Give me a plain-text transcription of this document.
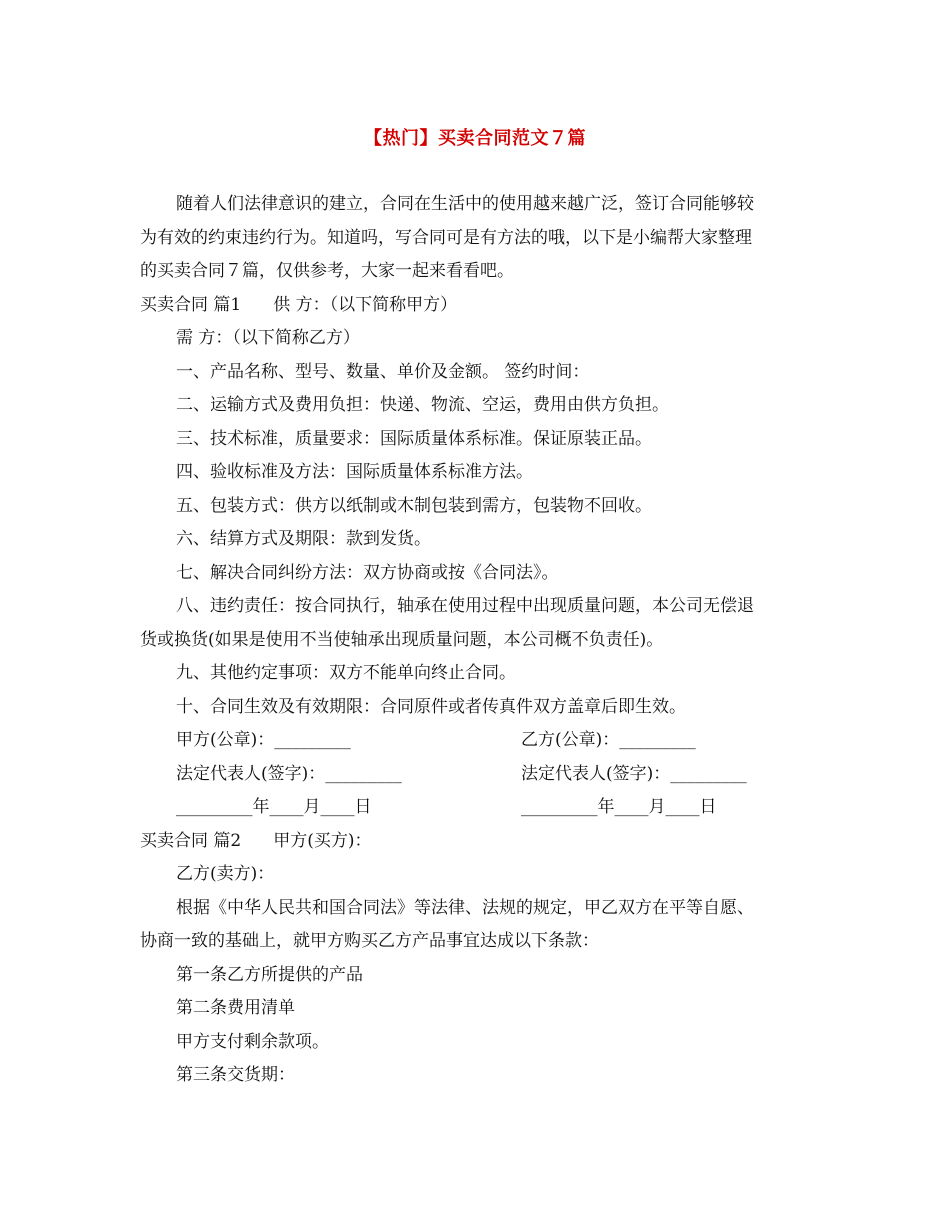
【热门】买卖合同范文７篇

随着人们法律意识的建立，合同在生活中的使用越来越广泛，签订合同能够较

为有效的约束违约行为。知道吗，写合同可是有方法的哦，以下是小编帮大家整理

的买卖合同７篇，仅供参考，大家一起来看看吧。

买卖合同 篇1 供 方：（以下简称甲方）

需 方：（以下简称乙方）

一、产品名称、型号、数量、单价及金额。 签约时间：

二、运输方式及费用负担：快递、物流、空运，费用由供方负担。

三、技术标准，质量要求：国际质量体系标准。保证原装正品。

四、验收标准及方法：国际质量体系标准方法。

五、包装方式：供方以纸制或木制包装到需方，包装物不回收。

六、结算方式及期限：款到发货。

七、解决合同纠纷方法：双方协商或按《合同法》。

八、违约责任：按合同执行，轴承在使用过程中出现质量问题，本公司无偿退

货或换货(如果是使用不当使轴承出现质量问题，本公司概不负责任)。

九、其他约定事项：双方不能单向终止合同。

十、合同生效及有效期限：合同原件或者传真件双方盖章后即生效。

甲方(公章)：_________	乙方(公章)：_________
法定代表人(签字)：_________	法定代表人(签字)：_________
_________年____月____日	_________年____月____日

买卖合同 篇2 甲方(买方)：

乙方(卖方)：

根据《中华人民共和国合同法》等法律、法规的规定，甲乙双方在平等自愿、

协商一致的基础上，就甲方购买乙方产品事宜达成以下条款：

第一条乙方所提供的产品

第二条费用清单

甲方支付剩余款项。

第三条交货期：
